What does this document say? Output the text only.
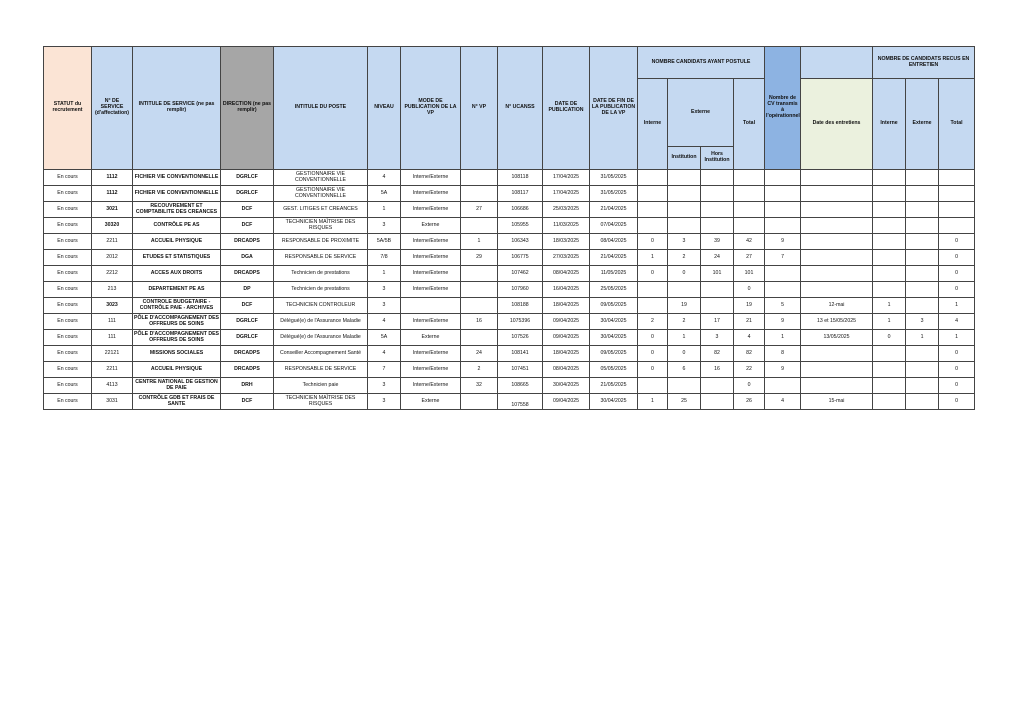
STATUT du recrutement	N° DE SERVICE (d'affectation)	INTITULE DE SERVICE (ne pas remplir)	DIRECTION (ne pas remplir)	INTITULE DU POSTE	NIVEAU	MODE DE PUBLICATION DE LA VP	N° VP	N° UCANSS	DATE DE PUBLICATION	DATE DE FIN DE LA PUBLICATION DE LA VP	NOMBRE CANDIDATS AYANT POSTULE				Nombre de CV transmis à l'opérationnel		NOMBRE DE CANDIDATS RECUS EN ENTRETIEN		
											Interne	Externe		Total		Date des entretiens	Interne	Externe	Total
												Institution	Hors Institution						
En cours	1112	FICHIER VIE CONVENTIONNELLE	DGRLCF	GESTIONNAIRE VIE CONVENTIONNELLE	4	Interne/Externe		108118	17/04/2025	31/05/2025									
En cours	1112	FICHIER VIE CONVENTIONNELLE	DGRLCF	GESTIONNAIRE VIE CONVENTIONNELLE	5A	Interne/Externe		108117	17/04/2025	31/05/2025									
En cours	3021	RECOUVREMENT ET COMPTABILITE DES CREANCES	DCF	GEST. LITIGES ET CREANCES	1	Interne/Externe	27	106686	25/03/2025	21/04/2025									
En cours	30320	CONTRÔLE PE AS	DCF	TECHNICIEN MAÎTRISE DES RISQUES	3	Externe		105955	11/03/2025	07/04/2025									
En cours	2211	ACCUEIL PHYSIQUE	DRCADPS	RESPONSABLE DE PROXIMITE	5A/5B	Interne/Externe	1	106343	18/03/2025	08/04/2025	0	3	39	42	9				0
En cours	2012	ETUDES ET STATISTIQUES	DGA	RESPONSABLE DE SERVICE	7/8	Interne/Externe	29	106775	27/03/2025	21/04/2025	1	2	24	27	7				0
En cours	2212	ACCES AUX DROITS	DRCADPS	Technicien de prestations	1	Interne/Externe		107462	08/04/2025	11/05/2025	0	0	101	101					0
En cours	213	DEPARTEMENT PE AS	DP	Technicien de prestations	3	Interne/Externe		107960	16/04/2025	25/05/2025				0					0
En cours	3023	CONTROLE BUDGETAIRE - CONTRÔLE PAIE - ARCHIVES	DCF	TECHNICIEN CONTROLEUR	3			108188	18/04/2025	09/05/2025		19		19	5	12-mai	1		1
En cours	111	PÔLE D'ACCOMPAGNEMENT DES OFFREURS DE SOINS	DGRLCF	Délégué(e) de l'Assurance Maladie	4	Interne/Externe	16	1075396	09/04/2025	30/04/2025	2	2	17	21	9	13 et 15/05/2025	1	3	4
En cours	111	PÔLE D'ACCOMPAGNEMENT DES OFFREURS DE SOINS	DGRLCF	Délégué(e) de l'Assurance Maladie	5A	Externe		107526	09/04/2025	30/04/2025	0	1	3	4	1	13/05/2025	0	1	1
En cours	22121	MISSIONS SOCIALES	DRCADPS	Conseiller Accompagnement Santé	4	Interne/Externe	24	108141	18/04/2025	09/05/2025	0	0	82	82	8				0
En cours	2211	ACCUEIL PHYSIQUE	DRCADPS	RESPONSABLE DE SERVICE	7	Interne/Externe	2	107451	08/04/2025	05/05/2025	0	6	16	22	9				0
En cours	4113	CENTRE NATIONAL DE GESTION DE PAIE	DRH	Technicien paie	3	Interne/Externe	32	108665	30/04/2025	21/05/2025				0					0
En cours	3031	CONTRÔLE GDB ET FRAIS DE SANTE	DCF	TECHNICIEN MAÎTRISE DES RISQUES	3	Externe		107558	09/04/2025	30/04/2025	1	25		26	4	15-mai			0
